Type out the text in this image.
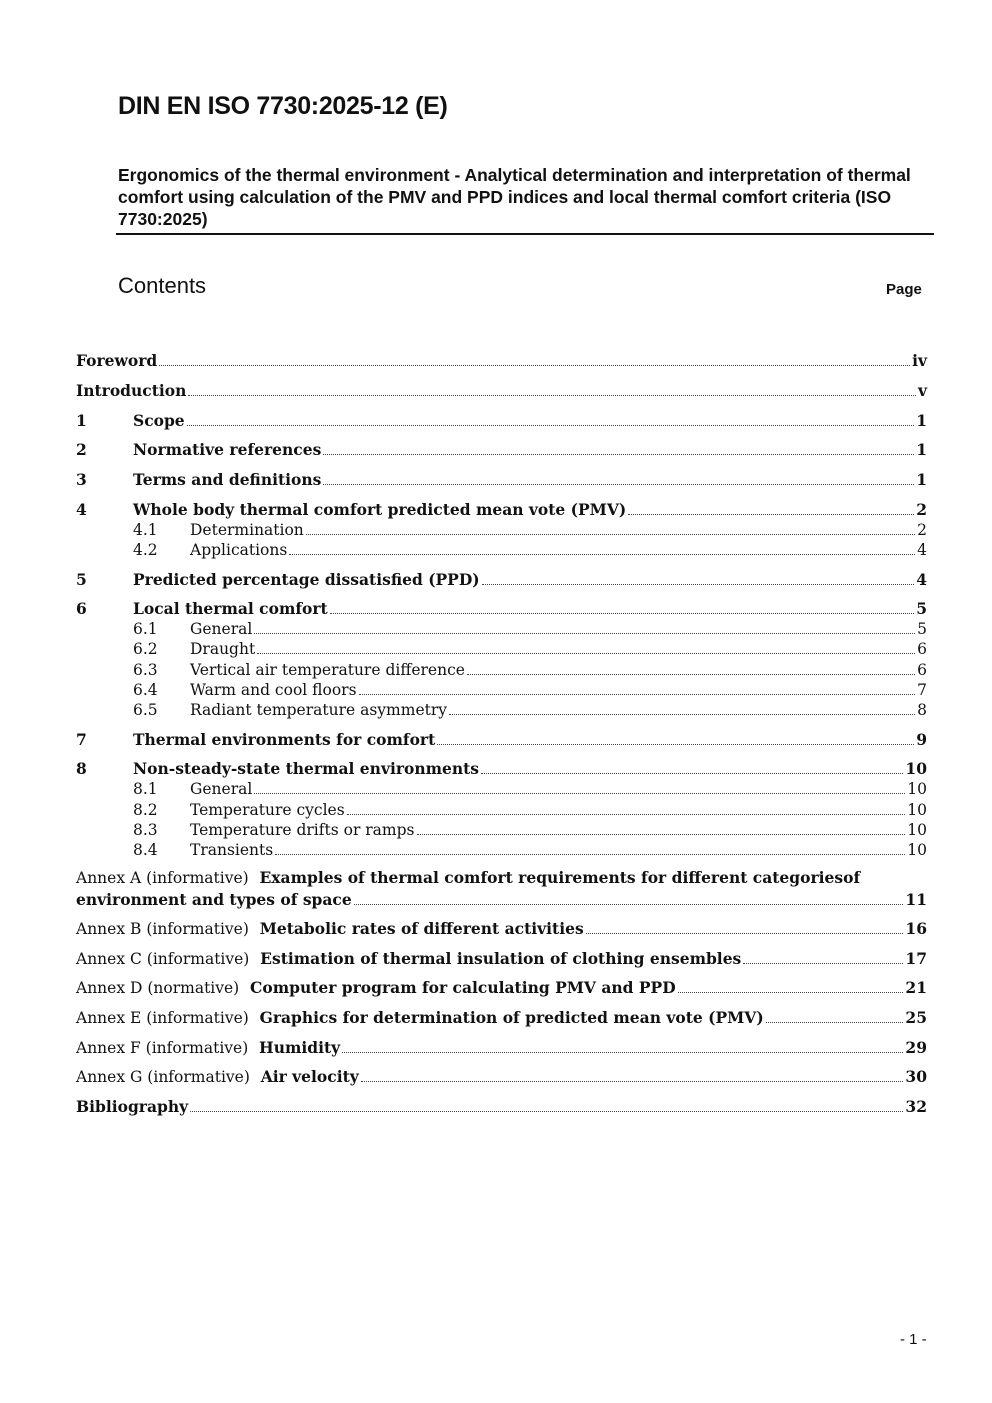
DIN EN ISO 7730:2025-12 (E)
Ergonomics of the thermal environment - Analytical determination and interpretation of thermal comfort using calculation of the PMV and PPD indices and local thermal comfort criteria (ISO 7730:2025)
Contents	Page
Foreword	iv
Introduction	v
1	Scope	1
2	Normative references	1
3	Terms and definitions	1
4	Whole body thermal comfort predicted mean vote (PMV)	2
4.1	Determination	2
4.2	Applications	4
5	Predicted percentage dissatisfied (PPD)	4
6	Local thermal comfort	5
6.1	General	5
6.2	Draught	6
6.3	Vertical air temperature difference	6
6.4	Warm and cool floors	7
6.5	Radiant temperature asymmetry	8
7	Thermal environments for comfort	9
8	Non-steady-state thermal environments	10
8.1	General	10
8.2	Temperature cycles	10
8.3	Temperature drifts or ramps	10
8.4	Transients	10
Annex A (informative) Examples of thermal comfort requirements for different categoriesof
environment and types of space	11
Annex B (informative) Metabolic rates of different activities	16
Annex C (informative) Estimation of thermal insulation of clothing ensembles	17
Annex D (normative) Computer program for calculating PMV and PPD	21
Annex E (informative) Graphics for determination of predicted mean vote (PMV)	25
Annex F (informative) Humidity	29
Annex G (informative) Air velocity	30
Bibliography	32
- 1 -
